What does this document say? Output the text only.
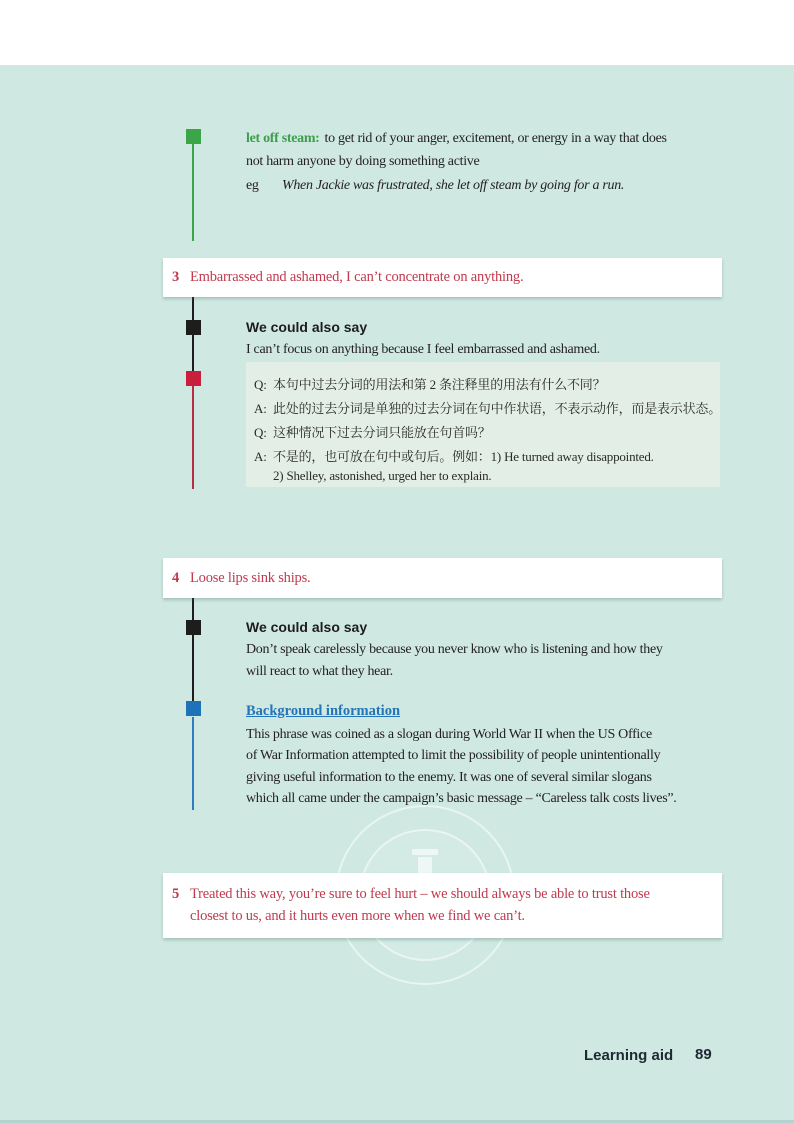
let off steam: to get rid of your anger, excitement, or energy in a way that does
not harm anyone by doing something active
eg When Jackie was frustrated, she let off steam by going for a run.
3 Embarrassed and ashamed, I can’t concentrate on anything.
We could also say
I can’t focus on anything because I feel embarrassed and ashamed.
Q: 本句中过去分词的用法和第 2 条注释里的用法有什么不同？
A: 此处的过去分词是单独的过去分词在句中作状语，不表示动作，而是表示状态。
Q: 这种情况下过去分词只能放在句首吗？
A: 不是的，也可放在句中或句后。例如：1) He turned away disappointed.
2) Shelley, astonished, urged her to explain.
4 Loose lips sink ships.
We could also say
Don’t speak carelessly because you never know who is listening and how they
will react to what they hear.
Background information
This phrase was coined as a slogan during World War II when the US Office
of War Information attempted to limit the possibility of people unintentionally
giving useful information to the enemy. It was one of several similar slogans
which all came under the campaign’s basic message – “Careless talk costs lives”.
5 Treated this way, you’re sure to feel hurt – we should always be able to trust those
closest to us, and it hurts even more when we find we can’t.
Learning aid 89
